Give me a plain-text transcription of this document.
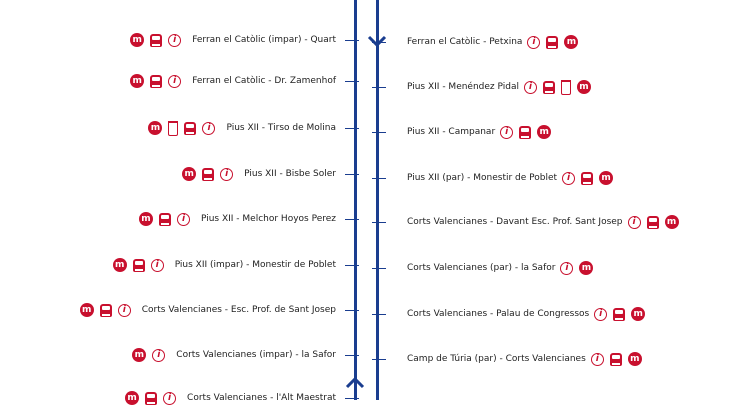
m	i	Ferran el Catòlic (impar) - Quart
m	i	Ferran el Catòlic - Dr. Zamenhof
m	i	Pius XII - Tirso de Molina
m	i	Pius XII - Bisbe Soler
m	i	Pius XII - Melchor Hoyos Perez
m	i	Pius XII (impar) - Monestir de Poblet
m	i	Corts Valencianes - Esc. Prof. de Sant Josep
m	i	Corts Valencianes (impar) - la Safor
m	i	Corts Valencianes - l'Alt Maestrat
Ferran el Catòlic - Petxina	i	m
Pius XII - Menéndez Pidal	i	m
Pius XII - Campanar	i	m
Pius XII (par) - Monestir de Poblet	i	m
Corts Valencianes - Davant Esc. Prof. Sant Josep	i	m
Corts Valencianes (par) - la Safor	i	m
Corts Valencianes - Palau de Congressos	i	m
Camp de Túria (par) - Corts Valencianes	i	m
